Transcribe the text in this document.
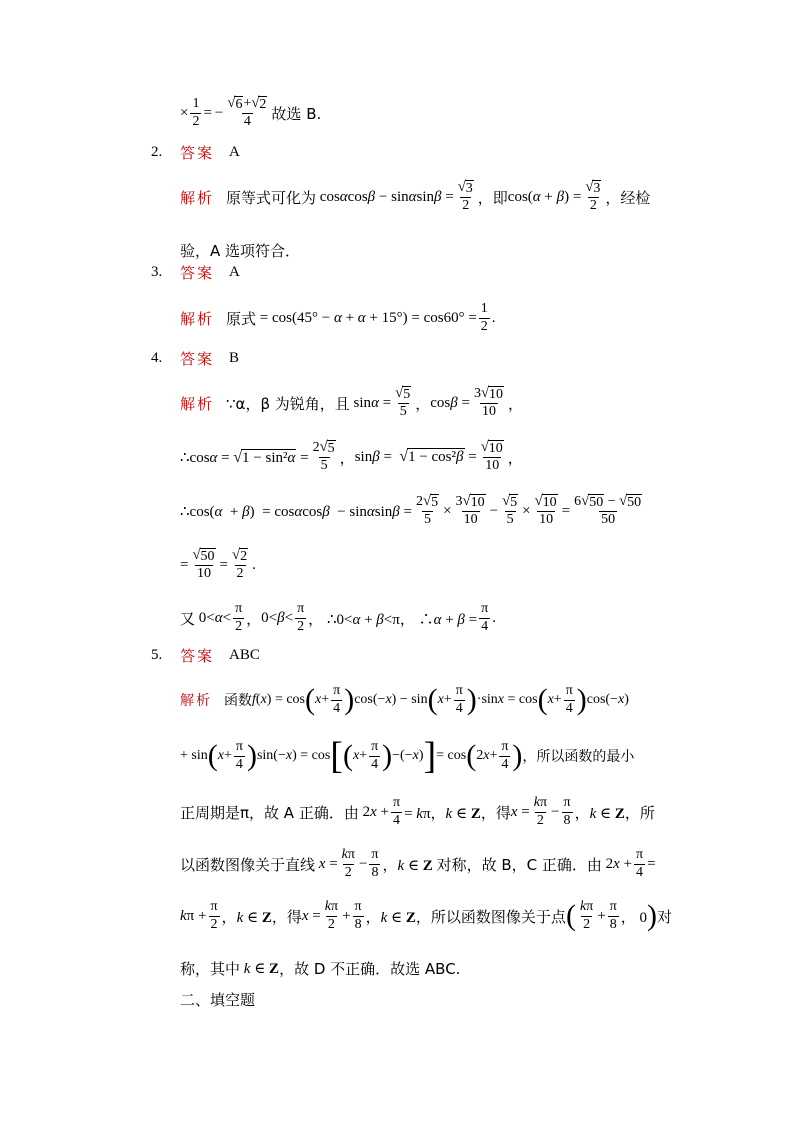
× $\frac{1}{2}$ = − $\frac{√ 6 + √ 2}{4}$ 故选 B.
2. 答案 A
解析 原等式可化为 $\cos\alpha\cos\beta - \sin\alpha\sin\beta = \frac{√ 3}{2}$ ，即 $\cos(\alpha + \beta) = \frac{√ 3}{2}$ ，经检
验，A 选项符合．
3. 答案 A
解析 原式 = $\cos(45^\circ - \alpha + \alpha + 15^\circ) = \cos 60^\circ = \frac{1}{2}$ .
4. 答案 B
解析 ∵α，β 为锐角，且 $\sin\alpha = \frac{√ 5}{5}$ ， $\cos\beta = \frac{3 √ 10}{10}$ ，
∴cosα = √ $1 - \sin^2\alpha = \frac{2 √ 5}{5}$ ， sinβ = √ $1 - \cos^2\beta = \frac{√ 10}{10}$ ，
∴cos(α  + $\beta) = \cos\alpha\cos\beta - \sin\alpha\sin\beta = \frac{2 √ 5}{5} \times \frac{3 √ 10}{10} - \frac{√ 5}{5} \times \frac{√ 10}{10} = \frac{6 √ 50 - √ 50}{50}$
= $\frac{√ 50}{10} = \frac{√ 2}{2}$ .
又 $0<\alpha< \frac{\pi}{2}$ ， $0<\beta< \frac{\pi}{2}$ ， ∴0<α + β<π， ∴α + $\beta = \frac{\pi}{4}$ .
5. 答案 ABC
解析 函数 f(x) = cos ( $x + \frac{\pi}{4}$ ) cos(−x) − sin ( $x + \frac{\pi}{4}$ ) ·sinx = cos ( $x + \frac{\pi}{4}$ ) cos(−x)
+ sin ( $x + \frac{\pi}{4}$ ) sin(−x) = cos [ ( $x + \frac{\pi}{4}$ ) −(−x) ] = cos ( 2 $x + \frac{\pi}{4}$ ) ，所以函数的最小
正周期是π，故 A 正确．由 $2x + \frac{\pi}{4} = k\pi$，k ∈ Z ，得 $x = \frac{k\pi}{2} - \frac{\pi}{8}$ ，k ∈ Z ，所
以函数图像关于直线 $x = \frac{k\pi}{2} - \frac{\pi}{8}$ ，k ∈ Z 对称，故 B，C 正确．由 $2x + \frac{\pi}{4}$ =
$k\pi + \frac{\pi}{2}$ ，k ∈ Z ，得 $x = \frac{k\pi}{2} + \frac{\pi}{8}$ ，k ∈ Z ，所以函数图像关于点 ( $\frac{k\pi}{2} + \frac{\pi}{8}$ ， 0 ) 对
称，其中 k ∈ Z ，故 D 不正确．故选 ABC.
二、填空题
